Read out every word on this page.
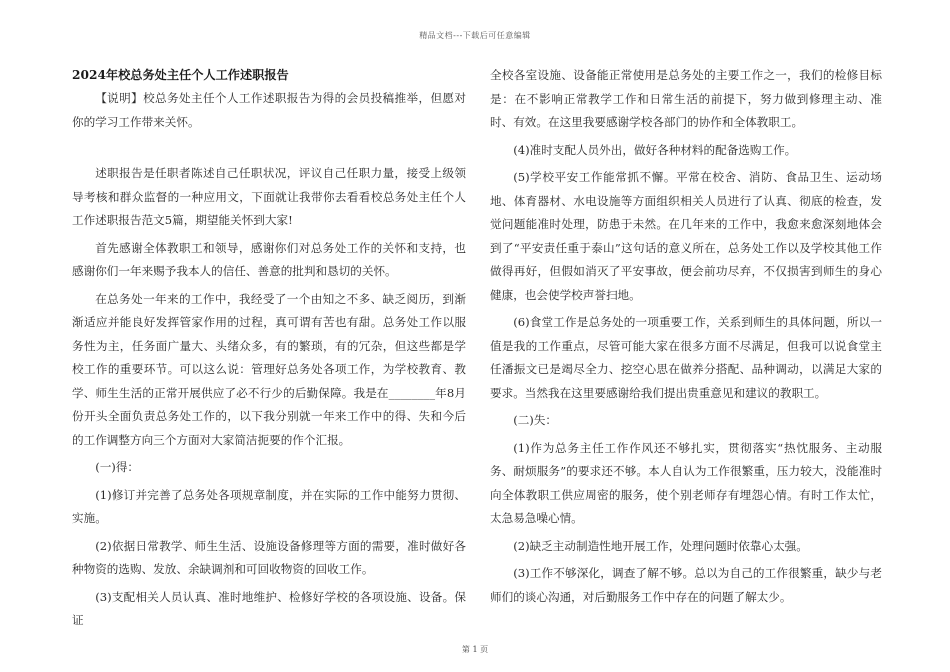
精品文档---下载后可任意编辑

2024年校总务处主任个人工作述职报告

【说明】校总务处主任个人工作述职报告为得的会员投稿推举，但愿对你的学习工作带来关怀。

述职报告是任职者陈述自己任职状况，评议自己任职力量，接受上级领导考核和群众监督的一种应用文，下面就让我带你去看看校总务处主任个人工作述职报告范文5篇，期望能关怀到大家!

首先感谢全体教职工和领导，感谢你们对总务处工作的关怀和支持，也感谢你们一年来赐予我本人的信任、善意的批判和恳切的关怀。

在总务处一年来的工作中，我经受了一个由知之不多、缺乏阅历，到渐渐适应并能良好发挥管家作用的过程，真可谓有苦也有甜。总务处工作以服务性为主，任务面广量大、头绪众多，有的繁琐，有的冗杂，但这些都是学校工作的重要环节。可以这么说：管理好总务处各项工作，为学校教育、教学、师生生活的正常开展供应了必不行少的后勤保障。我是在________年8月份开头全面负责总务处工作的，以下我分别就一年来工作中的得、失和今后的工作调整方向三个方面对大家简洁扼要的作个汇报。

(一)得：

(1)修订并完善了总务处各项规章制度，并在实际的工作中能努力贯彻、实施。

(2)依据日常教学、师生生活、设施设备修理等方面的需要，准时做好各种物资的选购、发放、余缺调剂和可回收物资的回收工作。

(3)支配相关人员认真、准时地维护、检修好学校的各项设施、设备。保证

全校各室设施、设备能正常使用是总务处的主要工作之一，我们的检修目标是：在不影响正常教学工作和日常生活的前提下，努力做到修理主动、准时、有效。在这里我要感谢学校各部门的协作和全体教职工。

(4)准时支配人员外出，做好各种材料的配备选购工作。

(5)学校平安工作能常抓不懈。平常在校舍、消防、食品卫生、运动场地、体育器材、水电设施等方面组织相关人员进行了认真、彻底的检查，发觉问题能准时处理，防患于未然。在几年来的工作中，我愈来愈深刻地体会到了“平安责任重于泰山”这句话的意义所在，总务处工作以及学校其他工作做得再好，但假如消灭了平安事故，便会前功尽弃，不仅损害到师生的身心健康，也会使学校声誉扫地。

(6)食堂工作是总务处的一项重要工作，关系到师生的具体问题，所以一值是我的工作重点，尽管可能大家在很多方面不尽满足，但我可以说食堂主任潘振文已是竭尽全力、挖空心思在做养分搭配、品种调动，以满足大家的要求。当然我在这里要感谢给我们提出贵重意见和建议的教职工。

(二)失：

(1)作为总务主任工作作风还不够扎实，贯彻落实“热忱服务、主动服务、耐烦服务”的要求还不够。本人自认为工作很繁重，压力较大，没能准时向全体教职工供应周密的服务，使个别老师存有埋怨心情。有时工作太忙，太急易急噪心情。

(2)缺乏主动制造性地开展工作，处理问题时依靠心太强。

(3)工作不够深化，调查了解不够。总以为自己的工作很繁重，缺少与老师们的谈心沟通，对后勤服务工作中存在的问题了解太少。

第 1 页
